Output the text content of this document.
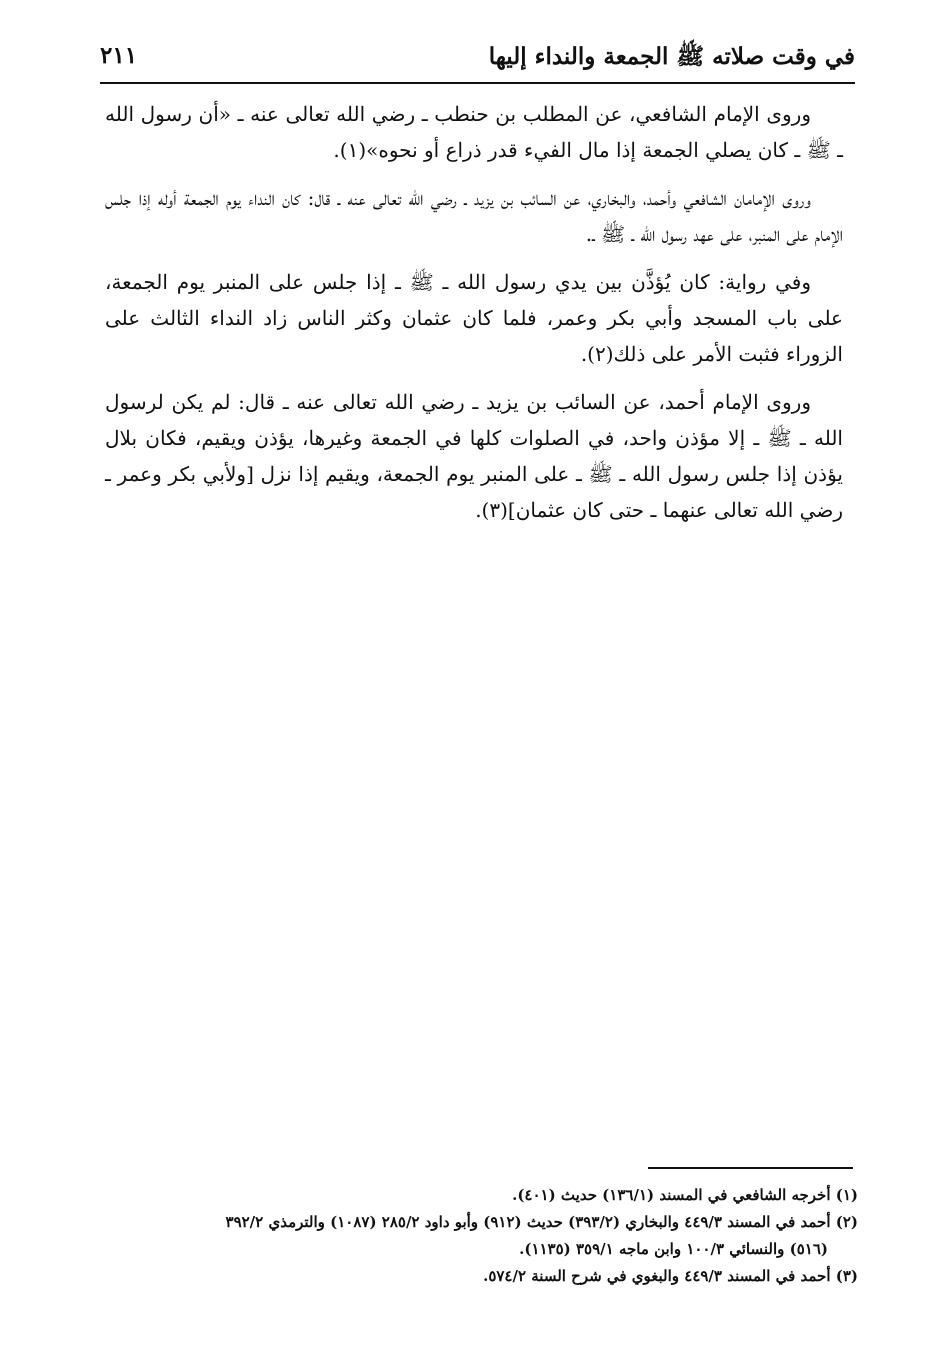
في وقت صلاته ﷺ الجمعة والنداء إليها
٢١١

وروى الإمام الشافعي، عن المطلب بن حنطب ـ رضي الله تعالى عنه ـ «أن رسول الله ـ ﷺ ـ كان يصلي الجمعة إذا مال الفيء قدر ذراع أو نحوه»(١).

وروى الإمامان الشافعي وأحمد، والبخاري، عن السائب بن يزيد ـ رضي الله تعالى عنه ـ قال: كان النداء يوم الجمعة أوله إذا جلس الإمام على المنبر، على عهد رسول الله ـ ﷺ ـ.

وفي رواية: كان يُؤذَّن بين يدي رسول الله ـ ﷺ ـ إذا جلس على المنبر يوم الجمعة، على باب المسجد وأبي بكر وعمر، فلما كان عثمان وكثر الناس زاد النداء الثالث على الزوراء فثبت الأمر على ذلك(٢).

وروى الإمام أحمد، عن السائب بن يزيد ـ رضي الله تعالى عنه ـ قال: لم يكن لرسول الله ـ ﷺ ـ إلا مؤذن واحد، في الصلوات كلها في الجمعة وغيرها، يؤذن ويقيم، فكان بلال يؤذن إذا جلس رسول الله ـ ﷺ ـ على المنبر يوم الجمعة، ويقيم إذا نزل [ولأبي بكر وعمر ـ رضي الله تعالى عنهما ـ حتى كان عثمان](٣).

(١) أخرجه الشافعي في المسند (١٣٦/١) حديث (٤٠١).

(٢) أحمد في المسند ٤٤٩/٣ والبخاري (٣٩٣/٢) حديث (٩١٢) وأبو داود ٢٨٥/٢ (١٠٨٧) والترمذي ٣٩٢/٢

(٥١٦) والنسائي ١٠٠/٣ وابن ماجه ٣٥٩/١ (١١٣٥).

(٣) أحمد في المسند ٤٤٩/٣ والبغوي في شرح السنة ٥٧٤/٢.
